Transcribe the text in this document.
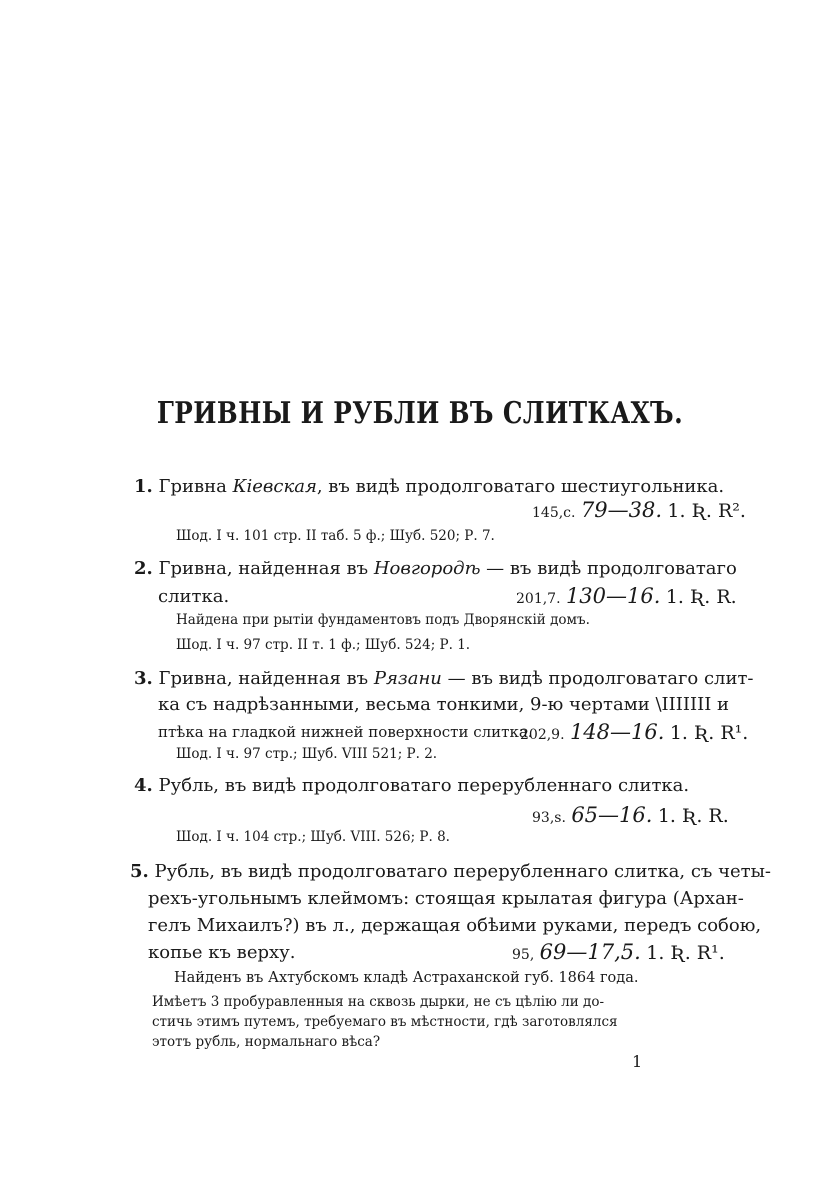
ГРИВНЫ И РУБЛИ ВЪ СЛИТКАХЪ.
1. Гривна Кіевская, въ видѣ продолговатаго шестиугольника.
145,с. 79—38. 1. Ʀ. R².
Шод. I ч. 101 стр. II таб. 5 ф.; Шуб. 520; Р. 7.
2. Гривна, найденная въ Новгородѣ — въ видѣ продолговатаго
слитка.	201,7. 130—16. 1. Ʀ. R.
Найдена при рытіи фундаментовъ подъ Дворянскій домъ.
Шод. I ч. 97 стр. II т. 1 ф.; Шуб. 524; Р. 1.
3. Гривна, найденная въ Рязани — въ видѣ продолговатаго слит-
ка съ надрѣзанными, весьма тонкими, 9-ю чертами \IIIIIII и
птѣка на гладкой нижней поверхности слитка.
202,9. 148—16. 1. Ʀ. R¹.
Шод. I ч. 97 стр.; Шуб. VIII 521; Р. 2.
4. Рубль, въ видѣ продолговатаго перерубленнаго слитка.
93,s. 65—16. 1. Ʀ. R.
Шод. I ч. 104 стр.; Шуб. VIII. 526; Р. 8.
5. Рубль, въ видѣ продолговатаго перерубленнаго слитка, съ четы-
рехъ-угольнымъ клеймомъ: стоящая крылатая фигура (Архан-
гелъ Михаилъ?) въ л., держащая обѣими руками, передъ собою,
копье къ верху.	95, 69—17,5. 1. Ʀ. R¹.
Найденъ въ Ахтубскомъ кладѣ Астраханской губ. 1864 года.
Имѣетъ 3 пробуравленныя на сквозь дырки, не съ цѣлію ли до-
стичь этимъ путемъ, требуемаго въ мѣстности, гдѣ заготовлялся
этотъ рубль, нормальнаго вѣса?
1
